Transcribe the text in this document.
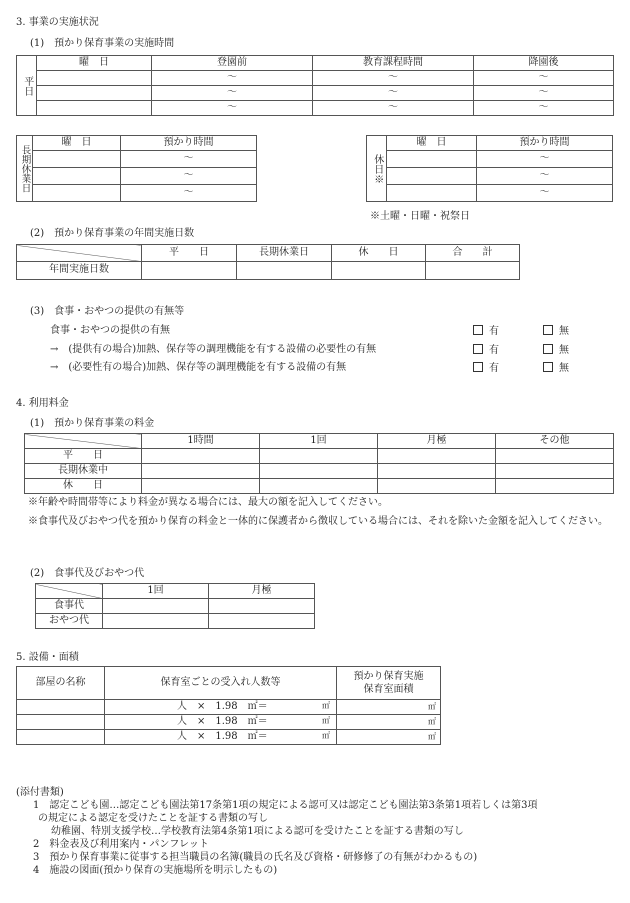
3. 事業の実施状況
(1)　預かり保育事業の実施時間
平日	曜　日	登園前	教育課程時間	降園後
		～	～	～
		～	～	～
		～	～	～
長期休業日	曜　日	預かり時間
		～
		～
		～
休日※	曜　日	預かり時間
		～
		～
		～
※土曜・日曜・祝祭日
(2)　預かり保育事業の年間実施日数
	平　　日	長期休業日	休　　日	合　　計
年間実施日数				
(3)　食事・おやつの提供の有無等
食事・おやつの提供の有無	有	無
→　(提供有の場合)加熱、保存等の調理機能を有する設備の必要性の有無	有	無
→　(必要性有の場合)加熱、保存等の調理機能を有する設備の有無	有	無
4. 利用料金
(1)　預かり保育事業の料金
	1時間	1回	月極	その他
平　　日				
長期休業中				
休　　日				
※年齢や時間帯等により料金が異なる場合には、最大の額を記入してください。
※食事代及びおやつ代を預かり保育の料金と一体的に保護者から徴収している場合には、それを除いた金額を記入してください。
(2)　食事代及びおやつ代
	1回	月極
食事代		
おやつ代		
5. 設備・面積
部屋の名称	保育室ごとの受入れ人数等	預かり保育実施保育室面積

	人　×　1.98　㎡＝ ㎡	㎡

	人　×　1.98　㎡＝ ㎡	㎡

	人　×　1.98　㎡＝ ㎡	㎡
(添付書類)
1　認定こども園…認定こども園法第17条第1項の規定による認可又は認定こども園法第3条第1項若しくは第3項
の規定による認定を受けたことを証する書類の写し
幼稚園、特別支援学校…学校教育法第4条第1項による認可を受けたことを証する書類の写し
2　料金表及び利用案内・パンフレット
3　預かり保育事業に従事する担当職員の名簿(職員の氏名及び資格・研修修了の有無がわかるもの)
4　施設の図面(預かり保育の実施場所を明示したもの)
